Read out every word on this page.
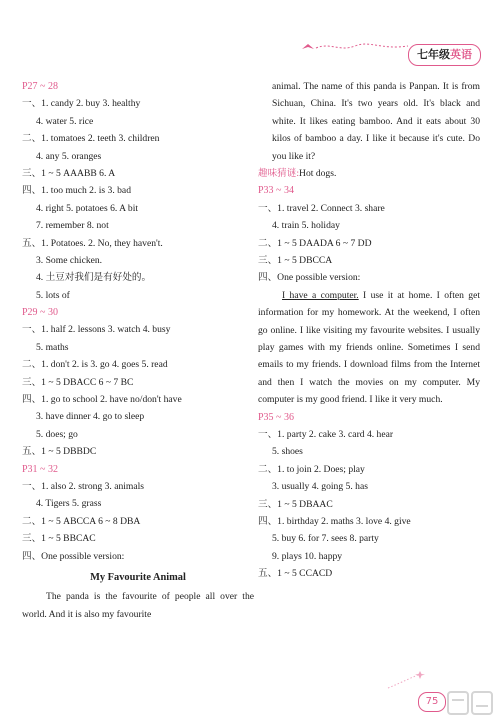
七年级英语
P27 ~ 28
一、1. candy 2. buy 3. healthy
4. water 5. rice
二、1. tomatoes 2. teeth 3. children
4. any 5. oranges
三、1 ~ 5 AAABB 6. A
四、1. too much 2. is 3. bad
4. right 5. potatoes 6. A bit
7. remember 8. not
五、1. Potatoes. 2. No, they haven't.
3. Some chicken.
4. 土豆对我们是有好处的。
5. lots of
P29 ~ 30
一、1. half 2. lessons 3. watch 4. busy
5. maths
二、1. don't 2. is 3. go 4. goes 5. read
三、1 ~ 5 DBACC 6 ~ 7 BC
四、1. go to school 2. have no/don't have
3. have dinner 4. go to sleep
5. does; go
五、1 ~ 5 DBBDC
P31 ~ 32
一、1. also 2. strong 3. animals
4. Tigers 5. grass
二、1 ~ 5 ABCCA 6 ~ 8 DBA
三、1 ~ 5 BBCAC
四、One possible version:
My Favourite Animal
The panda is the favourite of people all over the world. And it is also my favourite
animal. The name of this panda is Panpan. It is from Sichuan, China. It's two years old. It's black and white. It likes eating bamboo. And it eats about 30 kilos of bamboo a day. I like it because it's cute. Do you like it?
趣味猜谜:Hot dogs.
P33 ~ 34
一、1. travel 2. Connect 3. share
4. train 5. holiday
二、1 ~ 5 DAADA 6 ~ 7 DD
三、1 ~ 5 DBCCA
四、One possible version:
I have a computer. I use it at home. I often get information for my homework. At the weekend, I often go online. I like visiting my favourite websites. I usually play games with my friends online. Sometimes I send emails to my friends. I download films from the Internet and then I watch the movies on my computer. My computer is my good friend. I like it very much.
P35 ~ 36
一、1. party 2. cake 3. card 4. hear
5. shoes
二、1. to join 2. Does; play
3. usually 4. going 5. has
三、1 ~ 5 DBAAC
四、1. birthday 2. maths 3. love 4. give
5. buy 6. for 7. sees 8. party
9. plays 10. happy
五、1 ~ 5 CCACD
75
